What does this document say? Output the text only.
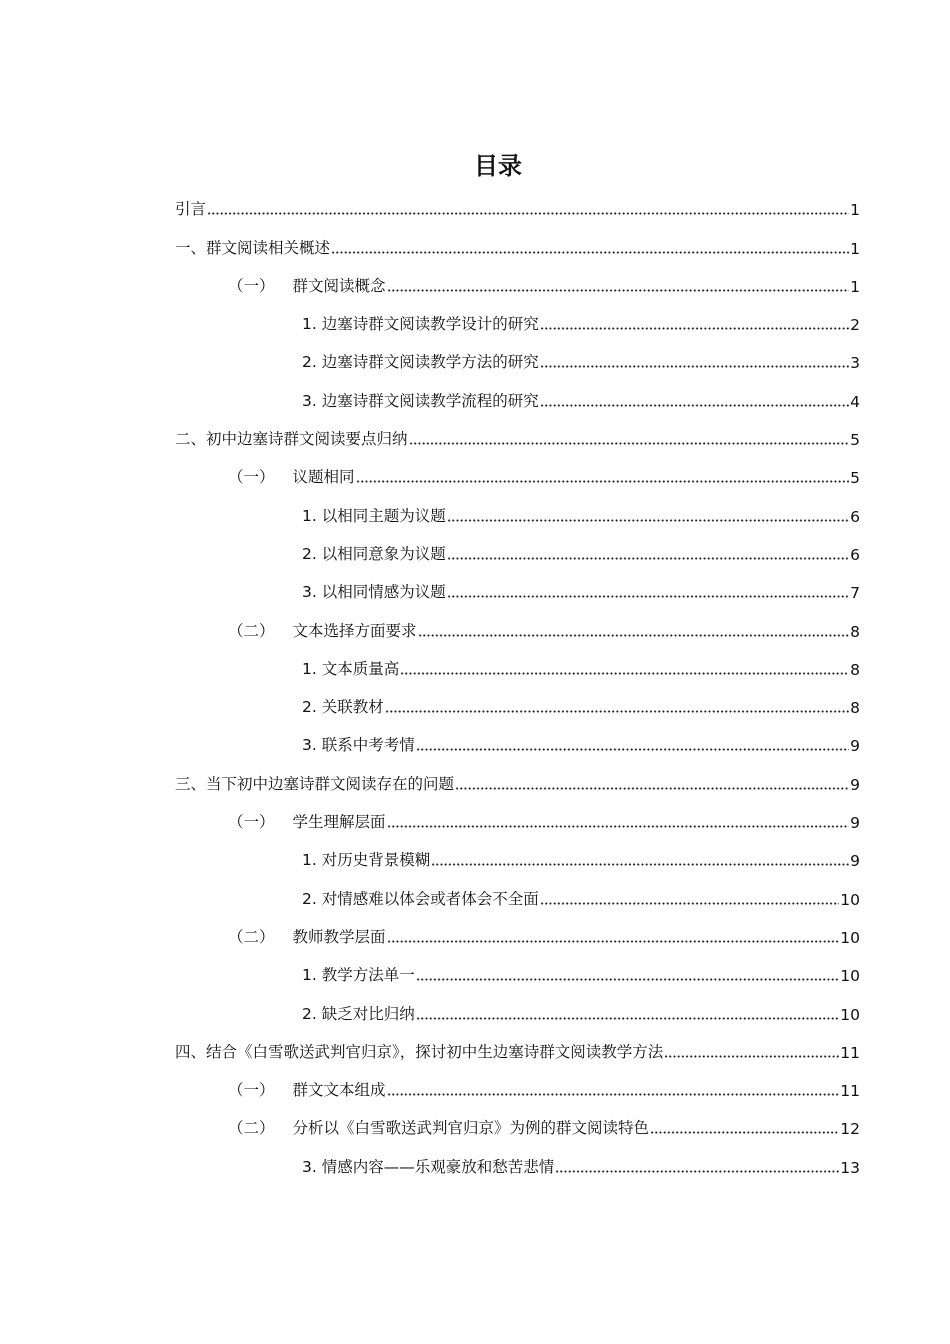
目录
引言	1
一、群文阅读相关概述	1
（一） 群文阅读概念	1
1. 边塞诗群文阅读教学设计的研究	2
2. 边塞诗群文阅读教学方法的研究	3
3. 边塞诗群文阅读教学流程的研究	4
二、初中边塞诗群文阅读要点归纳	5
（一） 议题相同	5
1. 以相同主题为议题	6
2. 以相同意象为议题	6
3. 以相同情感为议题	7
（二） 文本选择方面要求	8
1. 文本质量高	8
2. 关联教材	8
3. 联系中考考情	9
三、当下初中边塞诗群文阅读存在的问题	9
（一） 学生理解层面	9
1. 对历史背景模糊	9
2. 对情感难以体会或者体会不全面	10
（二） 教师教学层面	10
1. 教学方法单一	10
2. 缺乏对比归纳	10
四、结合《白雪歌送武判官归京》，探讨初中生边塞诗群文阅读教学方法	11
（一） 群文文本组成	11
（二） 分析以《白雪歌送武判官归京》为例的群文阅读特色	12
3. 情感内容——乐观豪放和愁苦悲情	13
